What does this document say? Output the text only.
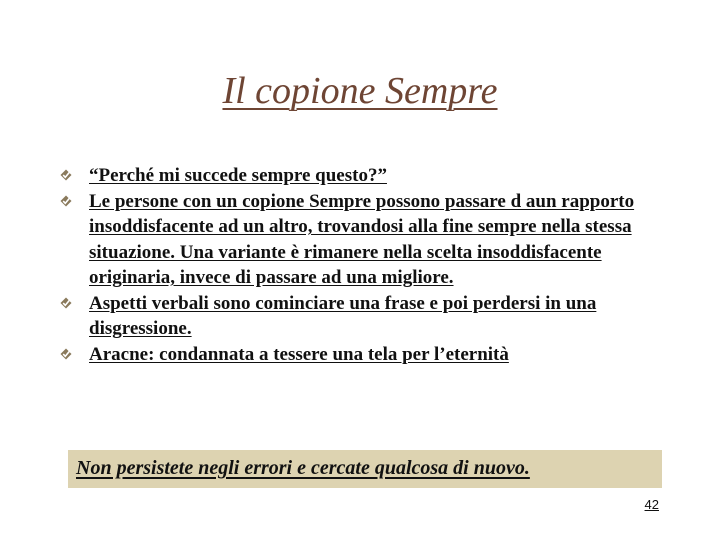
Il copione Sempre
“Perché mi succede sempre questo?”
Le persone con un copione Sempre possono passare d aun rapporto insoddisfacente ad un altro, trovandosi alla fine sempre nella stessa situazione. Una variante è rimanere nella scelta insoddisfacente originaria, invece di passare ad una migliore.
Aspetti verbali sono cominciare una frase e poi perdersi in una disgressione.
Aracne: condannata a tessere una tela per l’eternità
Non persistete negli errori e cercate qualcosa di nuovo.
42
